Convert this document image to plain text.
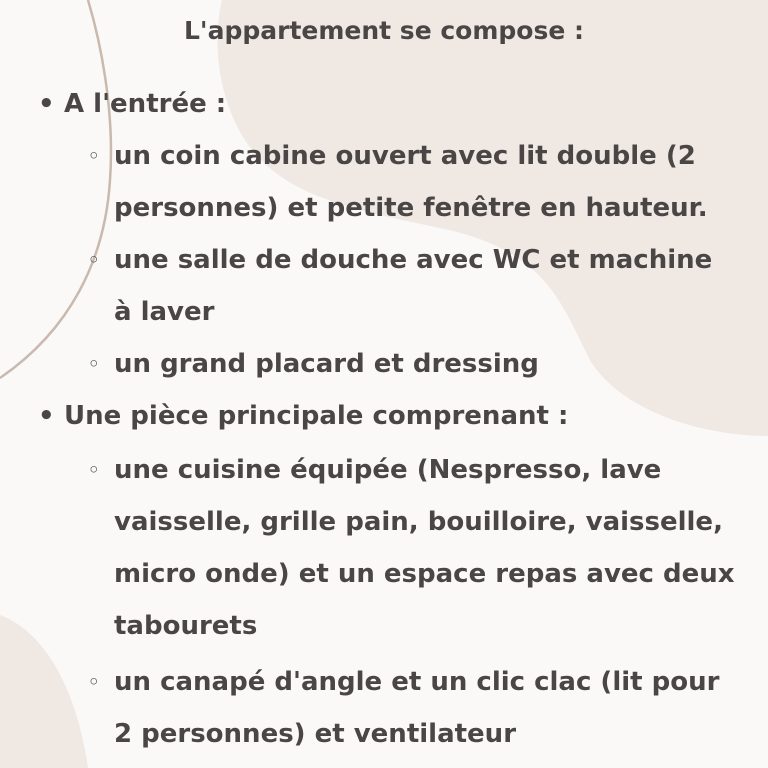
L'appartement se compose :
• A l'entrée :
◦ un coin cabine ouvert avec lit double (2
personnes) et petite fenêtre en hauteur.
◦ une salle de douche avec WC et machine
à laver
◦ un grand placard et dressing
• Une pièce principale comprenant :
◦ une cuisine équipée (Nespresso, lave
vaisselle, grille pain, bouilloire, vaisselle,
micro onde) et un espace repas avec deux
tabourets
◦ un canapé d'angle et un clic clac (lit pour
2 personnes) et ventilateur
